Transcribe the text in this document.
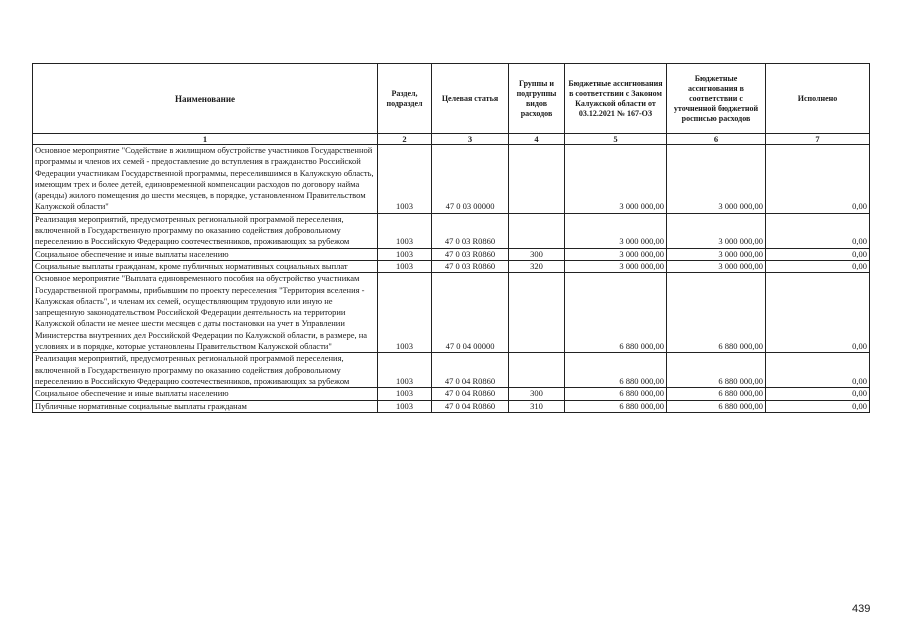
Наименование	Раздел, подраздел	Целевая статья	Группы и подгруппы видов расходов	Бюджетные ассигнования в соответствии с Законом Калужской области от 03.12.2021 № 167-ОЗ	Бюджетные ассигнования в соответствии с уточненной бюджетной росписью расходов	Исполнено
1	2	3	4	5	6	7
Основное мероприятие "Содействие в жилищном обустройстве участников Государственной программы и членов их семей - предоставление до вступления в гражданство Российской Федерации участникам Государственной программы, переселившимся в Калужскую область, имеющим трех и более детей, единовременной компенсации расходов по договору найма (аренды) жилого помещения до шести месяцев, в порядке, установленном Правительством Калужской области"	1003	47 0 03 00000		3 000 000,00	3 000 000,00	0,00
Реализация мероприятий, предусмотренных региональной программой переселения, включенной в Государственную программу по оказанию содействия добровольному переселению в Российскую Федерацию соотечественников, проживающих за рубежом	1003	47 0 03 R0860		3 000 000,00	3 000 000,00	0,00
Социальное обеспечение и иные выплаты населению	1003	47 0 03 R0860	300	3 000 000,00	3 000 000,00	0,00
Социальные выплаты гражданам, кроме публичных нормативных социальных выплат	1003	47 0 03 R0860	320	3 000 000,00	3 000 000,00	0,00
Основное мероприятие "Выплата единовременного пособия на обустройство участникам Государственной программы, прибывшим по проекту переселения "Территория вселения - Калужская область", и членам их семей, осуществляющим трудовую или иную не запрещенную законодательством Российской Федерации деятельность на территории Калужской области не менее шести месяцев с даты постановки на учет в Управлении Министерства внутренних дел Российской Федерации по Калужской области, в размере, на условиях и в порядке, которые установлены Правительством Калужской области"	1003	47 0 04 00000		6 880 000,00	6 880 000,00	0,00
Реализация мероприятий, предусмотренных региональной программой переселения, включенной в Государственную программу по оказанию содействия добровольному переселению в Российскую Федерацию соотечественников, проживающих за рубежом	1003	47 0 04 R0860		6 880 000,00	6 880 000,00	0,00
Социальное обеспечение и иные выплаты населению	1003	47 0 04 R0860	300	6 880 000,00	6 880 000,00	0,00
Публичные нормативные социальные выплаты гражданам	1003	47 0 04 R0860	310	6 880 000,00	6 880 000,00	0,00
439
